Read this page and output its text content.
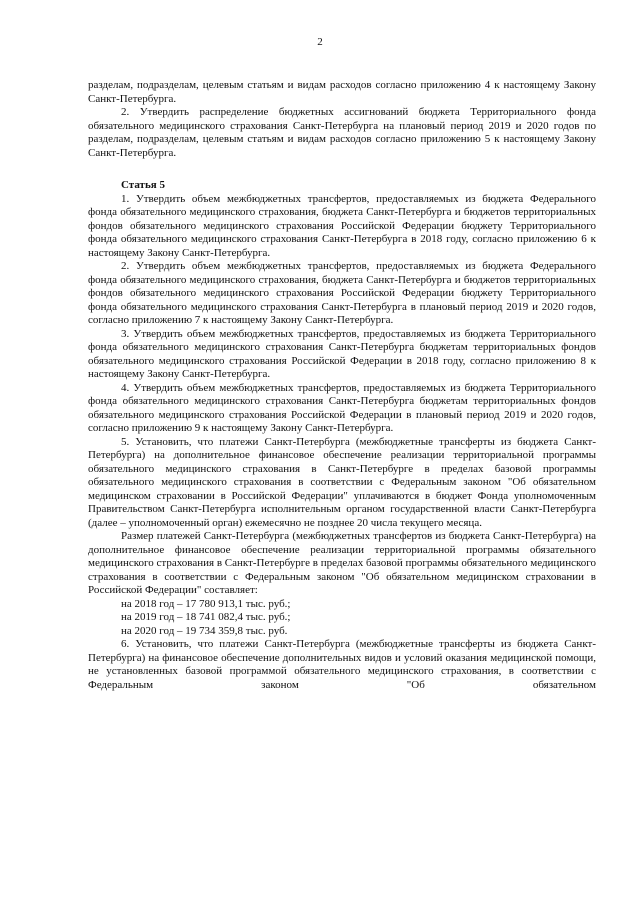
2

разделам, подразделам, целевым статьям и видам расходов согласно приложению 4 к настоящему Закону Санкт-Петербурга.

2. Утвердить распределение бюджетных ассигнований бюджета Территориального фонда обязательного медицинского страхования Санкт-Петербурга на плановый период 2019 и 2020 годов по разделам, подразделам, целевым статьям и видам расходов согласно приложению 5 к настоящему Закону Санкт-Петербурга.

Статья 5

1. Утвердить объем межбюджетных трансфертов, предоставляемых из бюджета Федерального фонда обязательного медицинского страхования, бюджета Санкт-Петербурга и бюджетов территориальных фондов обязательного медицинского страхования Российской Федерации бюджету Территориального фонда обязательного медицинского страхования Санкт-Петербурга в 2018 году, согласно приложению 6 к настоящему Закону Санкт-Петербурга.

2. Утвердить объем межбюджетных трансфертов, предоставляемых из бюджета Федерального фонда обязательного медицинского страхования, бюджета Санкт-Петербурга и бюджетов территориальных фондов обязательного медицинского страхования Российской Федерации бюджету Территориального фонда обязательного медицинского страхования Санкт-Петербурга в плановый период 2019 и 2020 годов, согласно приложению 7 к настоящему Закону Санкт-Петербурга.

3. Утвердить объем межбюджетных трансфертов, предоставляемых из бюджета Территориального фонда обязательного медицинского страхования Санкт-Петербурга бюджетам территориальных фондов обязательного медицинского страхования Российской Федерации в 2018 году, согласно приложению 8 к настоящему Закону Санкт-Петербурга.

4. Утвердить объем межбюджетных трансфертов, предоставляемых из бюджета Территориального фонда обязательного медицинского страхования Санкт-Петербурга бюджетам территориальных фондов обязательного медицинского страхования Российской Федерации в плановый период 2019 и 2020 годов, согласно приложению 9 к настоящему Закону Санкт-Петербурга.

5. Установить, что платежи Санкт-Петербурга (межбюджетные трансферты из бюджета Санкт-Петербурга) на дополнительное финансовое обеспечение реализации территориальной программы обязательного медицинского страхования в Санкт-Петербурге в пределах базовой программы обязательного медицинского страхования в соответствии с Федеральным законом "Об обязательном медицинском страховании в Российской Федерации" уплачиваются в бюджет Фонда уполномоченным Правительством Санкт-Петербурга исполнительным органом государственной власти Санкт-Петербурга (далее – уполномоченный орган) ежемесячно не позднее 20 числа текущего месяца.

Размер платежей Санкт-Петербурга (межбюджетных трансфертов из бюджета Санкт-Петербурга) на дополнительное финансовое обеспечение реализации территориальной программы обязательного медицинского страхования в Санкт-Петербурге в пределах базовой программы обязательного медицинского страхования в соответствии с Федеральным законом "Об обязательном медицинском страховании в Российской Федерации" составляет:

на 2018 год – 17 780 913,1 тыс. руб.;

на 2019 год – 18 741 082,4 тыс. руб.;

на 2020 год – 19 734 359,8 тыс. руб.

6. Установить, что платежи Санкт-Петербурга (межбюджетные трансферты из бюджета Санкт-Петербурга) на финансовое обеспечение дополнительных видов и условий оказания медицинской помощи, не установленных базовой программой обязательного медицинского страхования, в соответствии с Федеральным законом "Об обязательном
